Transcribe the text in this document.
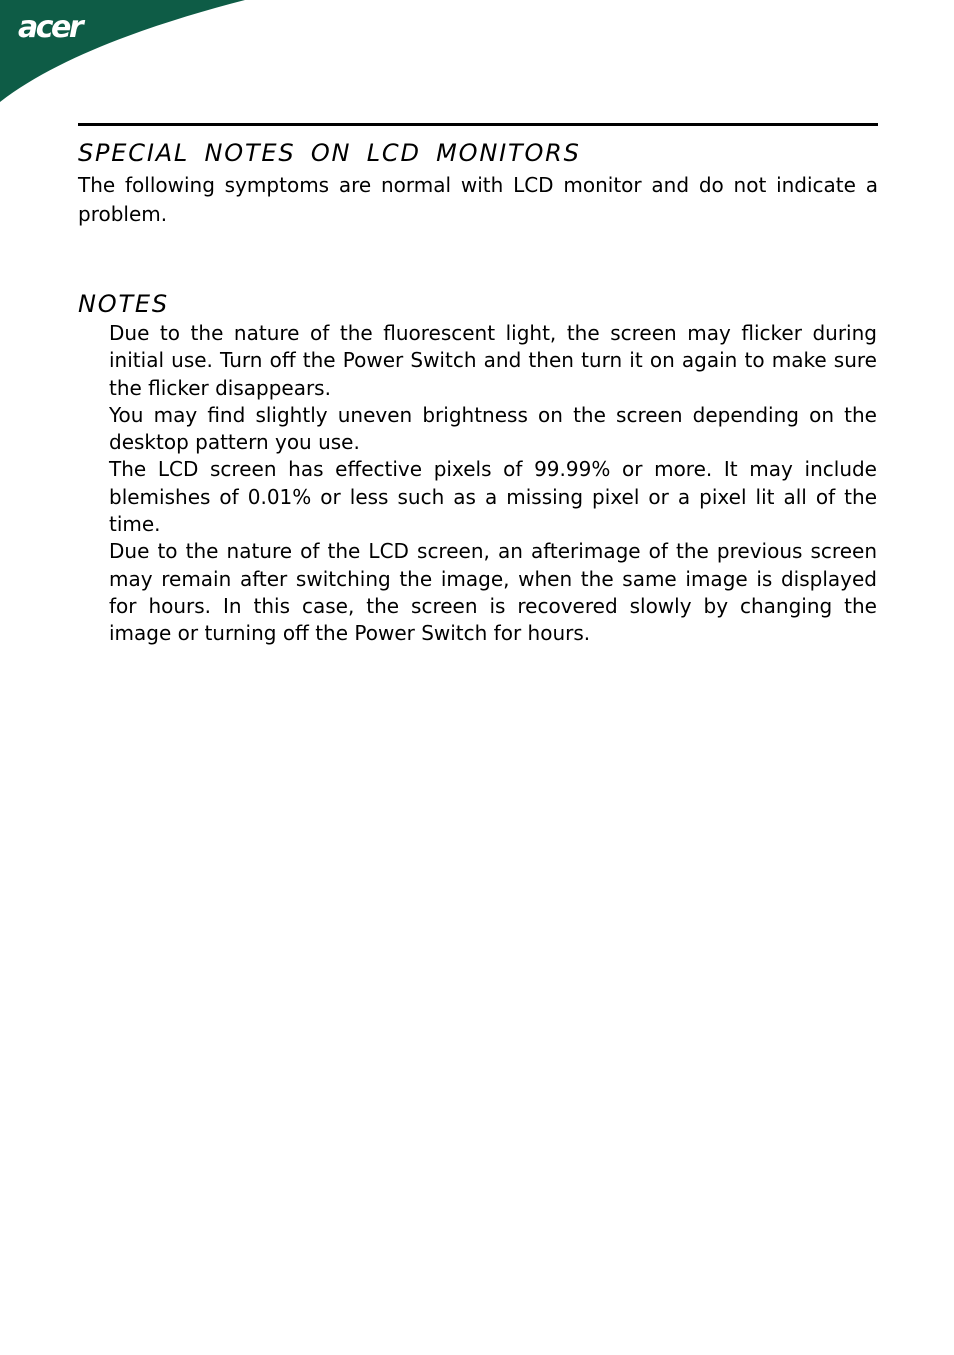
acer
SPECIAL NOTES ON LCD MONITORS

The following symptoms are normal with LCD monitor and do not indicate a problem.

NOTES
Due to the nature of the fluorescent light, the screen may flicker during initial use. Turn off the Power Switch and then turn it on again to make sure the flicker disappears.
You may find slightly uneven brightness on the screen depending on the desktop pattern you use.
The LCD screen has effective pixels of 99.99% or more. It may include blemishes of 0.01% or less such as a missing pixel or a pixel lit all of the time.
Due to the nature of the LCD screen, an afterimage of the previous screen may remain after switching the image, when the same image is displayed for hours. In this case, the screen is recovered slowly by changing the image or turning off the Power Switch for hours.
